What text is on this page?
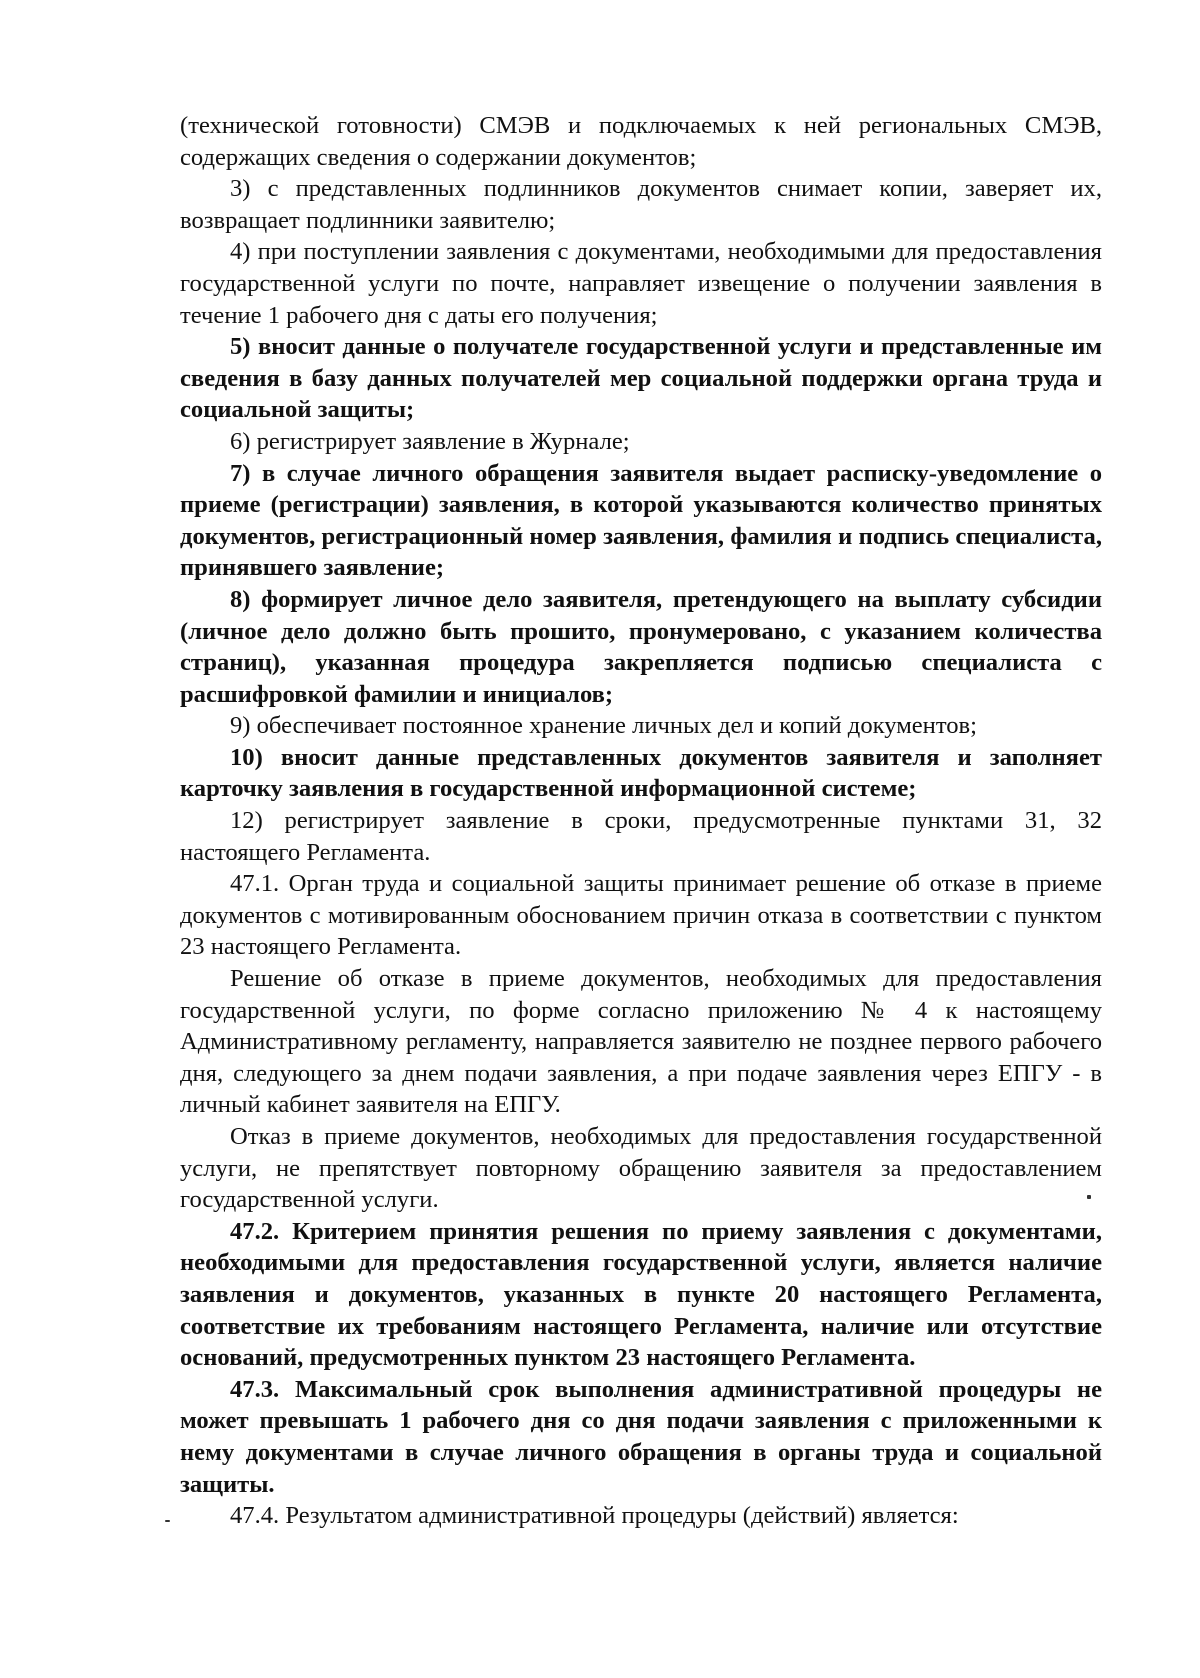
(технической готовности) СМЭВ и подключаемых к ней региональных СМЭВ, содержащих сведения о содержании документов;

3) с представленных подлинников документов снимает копии, заверяет их, возвращает подлинники заявителю;

4) при поступлении заявления с документами, необходимыми для предоставления государственной услуги по почте, направляет извещение о получении заявления в течение 1 рабочего дня с даты его получения;

5) вносит данные о получателе государственной услуги и представленные им сведения в базу данных получателей мер социальной поддержки органа труда и социальной защиты;

6) регистрирует заявление в Журнале;

7) в случае личного обращения заявителя выдает расписку-уведомление о приеме (регистрации) заявления, в которой указываются количество принятых документов, регистрационный номер заявления, фамилия и подпись специалиста, принявшего заявление;

8) формирует личное дело заявителя, претендующего на выплату субсидии (личное дело должно быть прошито, пронумеровано, с указанием количества страниц), указанная процедура закрепляется подписью специалиста с расшифровкой фамилии и инициалов;

9) обеспечивает постоянное хранение личных дел и копий документов;

10) вносит данные представленных документов заявителя и заполняет карточку заявления в государственной информационной системе;

12) регистрирует заявление в сроки, предусмотренные пунктами 31, 32 настоящего Регламента.

47.1. Орган труда и социальной защиты принимает решение об отказе в приеме документов с мотивированным обоснованием причин отказа в соответствии с пунктом 23 настоящего Регламента.

Решение об отказе в приеме документов, необходимых для предоставления государственной услуги, по форме согласно приложению № 4 к настоящему Административному регламенту, направляется заявителю не позднее первого рабочего дня, следующего за днем подачи заявления, а при подаче заявления через ЕПГУ - в личный кабинет заявителя на ЕПГУ.

Отказ в приеме документов, необходимых для предоставления государственной услуги, не препятствует повторному обращению заявителя за предоставлением государственной услуги.

47.2. Критерием принятия решения по приему заявления с документами, необходимыми для предоставления государственной услуги, является наличие заявления и документов, указанных в пункте 20 настоящего Регламента, соответствие их требованиям настоящего Регламента, наличие или отсутствие оснований, предусмотренных пунктом 23 настоящего Регламента.

47.3. Максимальный срок выполнения административной процедуры не может превышать 1 рабочего дня со дня подачи заявления с приложенными к нему документами в случае личного обращения в органы труда и социальной защиты.

47.4. Результатом административной процедуры (действий) является:
